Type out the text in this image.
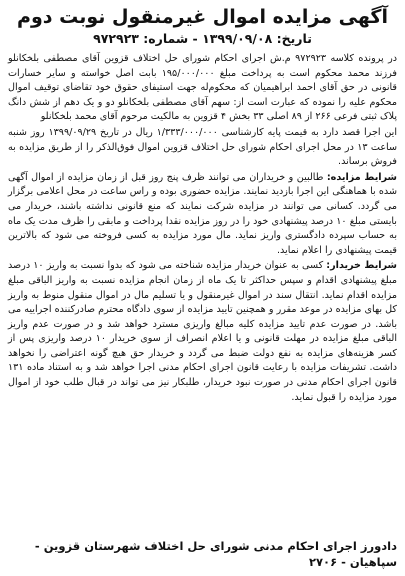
آگهی مزایده اموال غیرمنقول نوبت دوم
تاریخ: ۱۳۹۹/۰۹/۰۸ - شماره: ۹۷۲۹۲۳

در پرونده کلاسه ۹۷۲۹۲۳ م.ش اجرای احکام شورای حل اختلاف قزوین آقای مصطفی بلخکانلو فرزند محمد محکوم است به پرداخت مبلغ ۱۹۵/۰۰۰/۰۰۰ بابت اصل خواسته و سایر خسارات قانونی در حق آقای احمد ابراهیمیان که محکوم‌له جهت استیفای حقوق خود تقاضای توقیف اموال محکوم علیه را نموده که عبارت است از: سهم آقای مصطفی بلخکانلو دو و یک دهم از شش دانگ پلاک ثبتی فرعی ۲۶۶ از ۸۹ اصلی ۳۳ بخش ۴ قزوین به مالکیت مرحوم آقای محمد بلخکانلو

این اجرا قصد دارد به قیمت پایه کارشناسی ۱/۳۳۳/۰۰۰/۰۰۰ ریال در تاریخ ۱۳۹۹/۰۹/۲۹ روز شنبه ساعت ۱۳ در محل اجرای احکام شورای حل اختلاف قزوین اموال فوق‌الذکر را از طریق مزایده به فروش برساند.

شرایط مزایده: طالبین و خریداران می توانند ظرف پنج روز قبل از زمان مزایده از اموال آگهی شده با هماهنگی این اجرا بازدید نمایند. مزایده حضوری بوده و راس ساعت در محل اعلامی برگزار می گردد. کسانی می توانند در مزایده شرکت نمایند که منع قانونی نداشته باشند، خریدار می بایستی مبلغ ۱۰ درصد پیشنهادی خود را در روز مزایده نقدا پرداخت و مابقی را ظرف مدت یک ماه به حساب سپرده دادگستری واریز نماید. مال مورد مزایده به کسی فروخته می شود که بالاترین قیمت پیشنهادی را اعلام نماید.

شرایط خریدار: کسی به عنوان خریدار مزایده شناخته می شود که بدوا نسبت به واریز ۱۰ درصد مبلغ پیشنهادی اقدام و سپس حداکثر تا یک ماه از زمان انجام مزایده نسبت به واریز الباقی مبلغ مزایده اقدام نماید. انتقال سند در اموال غیرمنقول و یا تسلیم مال در اموال منقول منوط به واریز کل بهای مزایده در موعد مقرر و همچنین تایید مزایده از سوی دادگاه محترم صادرکننده اجراییه می باشد. در صورت عدم تایید مزایده کلیه مبالغ واریزی مسترد خواهد شد و در صورت عدم واریز الباقی مبلغ مزایده در مهلت قانونی و یا اعلام انصراف از سوی خریدار ۱۰ درصد واریزی پس از کسر هزینه‌های مزایده به نفع دولت ضبط می گردد و خریدار حق هیچ گونه اعتراضی را نخواهد داشت. تشریفات مزایده با رعایت قانون اجرای احکام مدنی اجرا خواهد شد و به استناد ماده ۱۳۱ قانون اجرای احکام مدنی در صورت نبود خریدار، طلبکار نیز می تواند در قبال طلب خود از اموال مورد مزایده را قبول نماید.

دادورز اجرای احکام مدنی شورای حل اختلاف شهرستان قزوین - سپاهیان - ۲۷۰۶
